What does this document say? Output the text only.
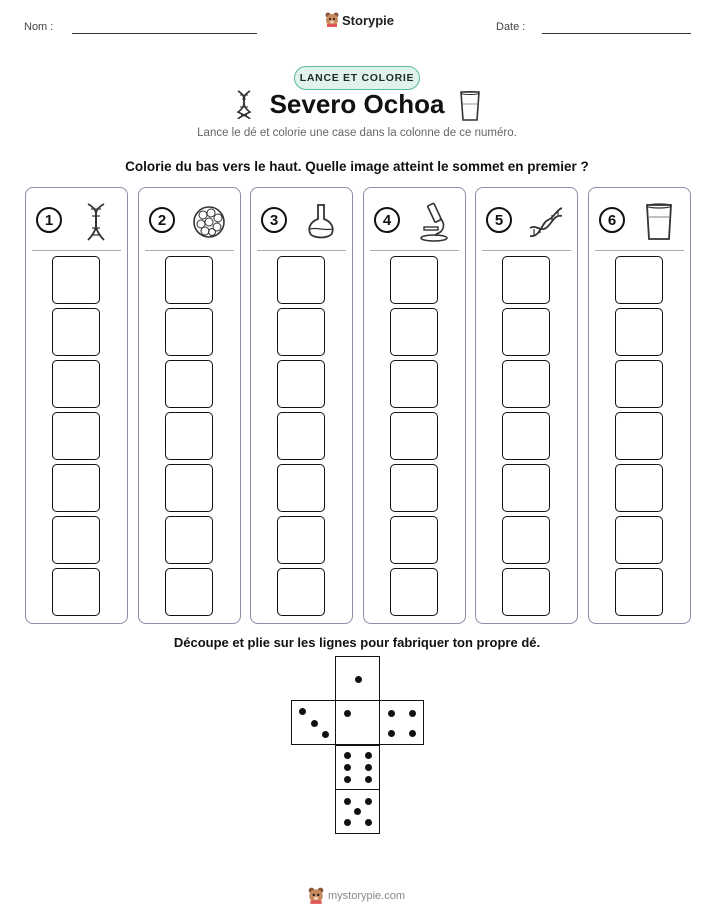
Nom :	Storypie	Date :
LANCE ET COLORIE
Severo Ochoa
Lance le dé et colorie une case dans la colonne de ce numéro.
Colorie du bas vers le haut. Quelle image atteint le sommet en premier ?
1	2	3	4	5	6
Découpe et plie sur les lignes pour fabriquer ton propre dé.
mystorypie.com
